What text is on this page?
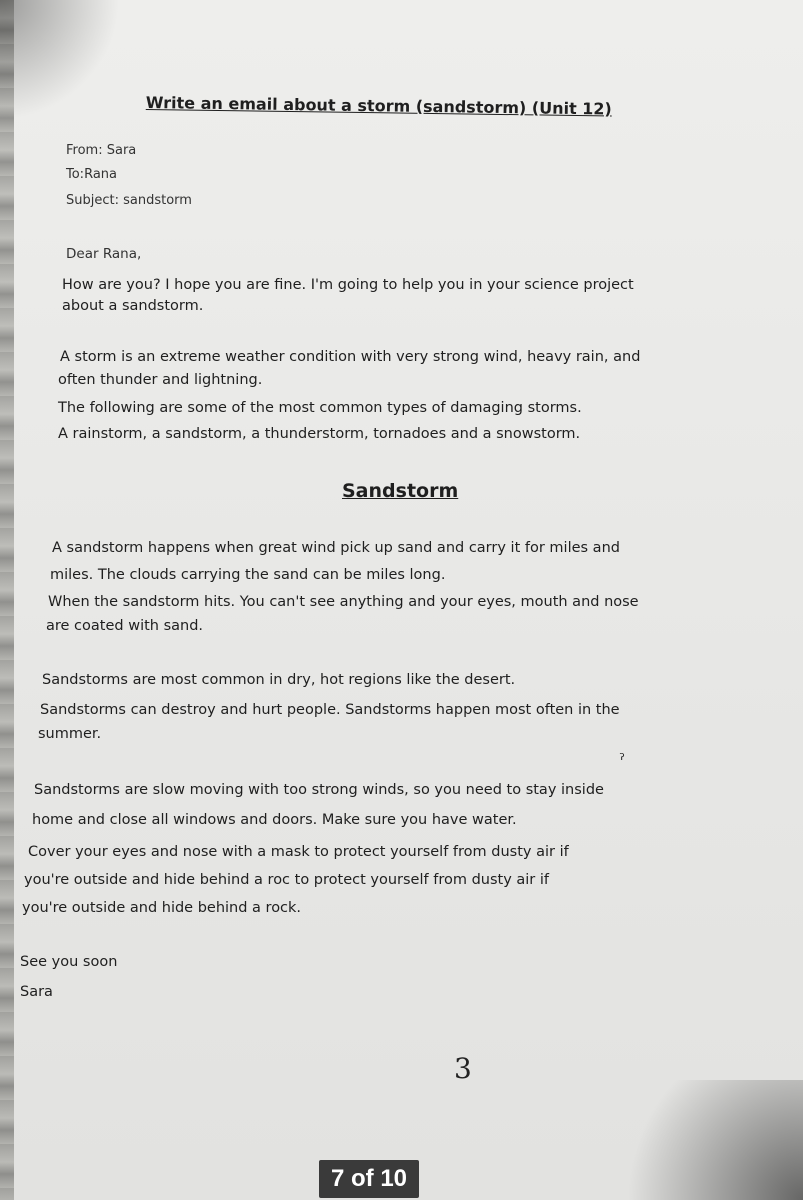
Write an email about a storm (sandstorm) (Unit 12)

From: Sara

To:Rana

Subject: sandstorm

Dear Rana,

How are you? I hope you are fine. I'm going to help you in your science project

about a sandstorm.

A storm is an extreme weather condition with very strong wind, heavy rain, and

often thunder and lightning.

The following are some of the most common types of damaging storms.

A rainstorm, a sandstorm, a thunderstorm, tornadoes and a snowstorm.

Sandstorm

A sandstorm happens when great wind pick up sand and carry it for miles and

miles. The clouds carrying the sand can be miles long.

When the sandstorm hits. You can't see anything and your eyes, mouth and nose

are coated with sand.

Sandstorms are most common in dry, hot regions like the desert.

Sandstorms can destroy and hurt people. Sandstorms happen most often in the

summer.

ˀ

Sandstorms are slow moving with too strong winds, so you need to stay inside

home and close all windows and doors. Make sure you have water.

Cover your eyes and nose with a mask to protect yourself from dusty air if

you're outside and hide behind a roc to protect yourself from dusty air if

you're outside and hide behind a rock.

See you soon

Sara

3
7 of 10
